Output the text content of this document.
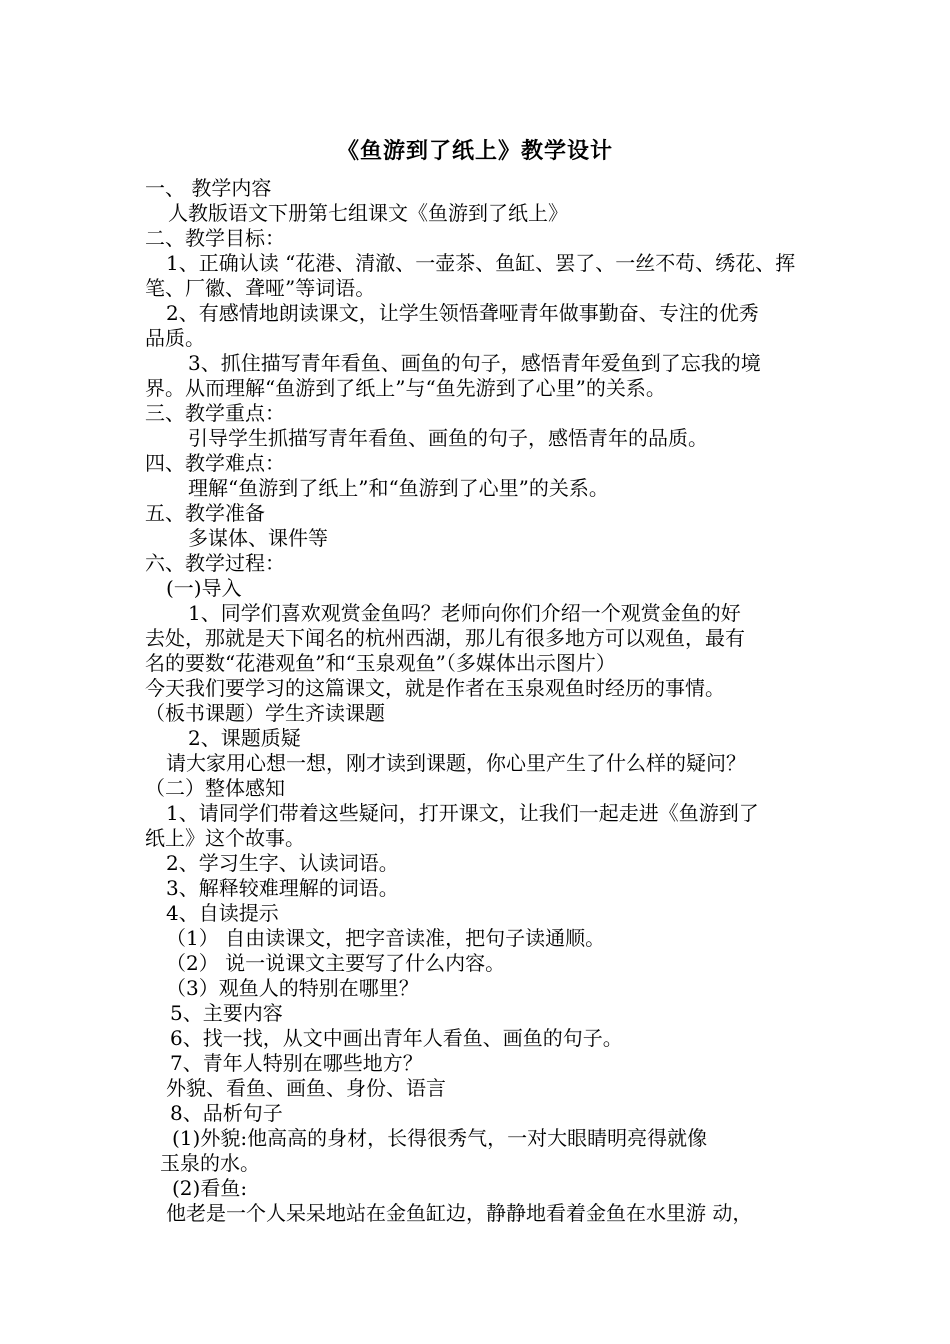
《鱼游到了纸上》教学设计
一、 教学内容
人教版语文下册第七组课文《鱼游到了纸上》
二、教学目标：
1、正确认读 “花港、清澈、一壶茶、鱼缸、罢了、一丝不苟、绣花、挥
笔、厂徽、聋哑”等词语。
2、有感情地朗读课文，让学生领悟聋哑青年做事勤奋、专注的优秀
品质。
3、抓住描写青年看鱼、画鱼的句子，感悟青年爱鱼到了忘我的境
界。从而理解“鱼游到了纸上”与“鱼先游到了心里”的关系。
三、教学重点：
引导学生抓描写青年看鱼、画鱼的句子，感悟青年的品质。
四、教学难点：
理解“鱼游到了纸上”和“鱼游到了心里”的关系。
五、教学准备
多谋体、课件等
六、教学过程：
(一)导入
1、同学们喜欢观赏金鱼吗？老师向你们介绍一个观赏金鱼的好
去处，那就是天下闻名的杭州西湖，那儿有很多地方可以观鱼，最有
名的要数“花港观鱼”和“玉泉观鱼”（多媒体出示图片）
今天我们要学习的这篇课文，就是作者在玉泉观鱼时经历的事情。
（板书课题）学生齐读课题
2、课题质疑
请大家用心想一想，刚才读到课题，你心里产生了什么样的疑问？
（二）整体感知
1、请同学们带着这些疑问，打开课文，让我们一起走进《鱼游到了
纸上》这个故事。
2、学习生字、认读词语。
3、解释较难理解的词语。
4、自读提示
（1） 自由读课文，把字音读准，把句子读通顺。
（2） 说一说课文主要写了什么内容。
（3）观鱼人的特别在哪里？
5、主要内容
6、找一找，从文中画出青年人看鱼、画鱼的句子。
7、青年人特别在哪些地方？
外貌、看鱼、画鱼、身份、语言
8、品析句子
(1)外貌:他高高的身材，长得很秀气，一对大眼睛明亮得就像
玉泉的水。
(2)看鱼:
他老是一个人呆呆地站在金鱼缸边，静静地看着金鱼在水里游 动，
